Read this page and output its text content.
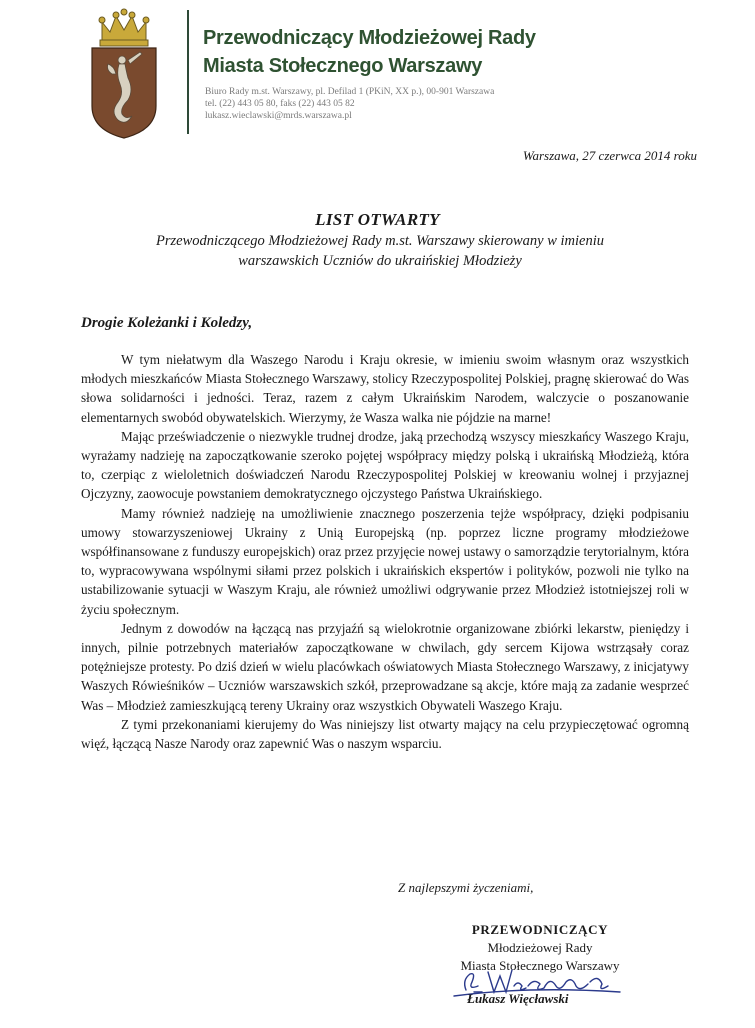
Przewodniczący Młodzieżowej Rady
Miasta Stołecznego Warszawy
Biuro Rady m.st. Warszawy, pl. Defilad 1 (PKiN, XX p.), 00-901 Warszawa
tel. (22) 443 05 80, faks (22) 443 05 82
lukasz.wieclawski@mrds.warszawa.pl
Warszawa, 27 czerwca 2014 roku
LIST OTWARTY
Przewodniczącego Młodzieżowej Rady m.st. Warszawy skierowany w imieniu
warszawskich Uczniów do ukraińskiej Młodzieży
Drogie Koleżanki i Koledzy,

W tym niełatwym dla Waszego Narodu i Kraju okresie, w imieniu swoim własnym oraz wszystkich młodych mieszkańców Miasta Stołecznego Warszawy, stolicy Rzeczypospolitej Polskiej, pragnę skierować do Was słowa solidarności i jedności. Teraz, razem z całym Ukraińskim Narodem, walczycie o poszanowanie elementarnych swobód obywatelskich. Wierzymy, że Wasza walka nie pójdzie na marne!

Mając przeświadczenie o niezwykle trudnej drodze, jaką przechodzą wszyscy mieszkańcy Waszego Kraju, wyrażamy nadzieję na zapoczątkowanie szeroko pojętej współpracy między polską i ukraińską Młodzieżą, która to, czerpiąc z wieloletnich doświadczeń Narodu Rzeczypospolitej Polskiej w kreowaniu wolnej i przyjaznej Ojczyzny, zaowocuje powstaniem demokratycznego ojczystego Państwa Ukraińskiego.

Mamy również nadzieję na umożliwienie znacznego poszerzenia tejże współpracy, dzięki podpisaniu umowy stowarzyszeniowej Ukrainy z Unią Europejską (np. poprzez liczne programy młodzieżowe współfinansowane z funduszy europejskich) oraz przez przyjęcie nowej ustawy o samorządzie terytorialnym, która to, wypracowywana wspólnymi siłami przez polskich i ukraińskich ekspertów i polityków, pozwoli nie tylko na ustabilizowanie sytuacji w Waszym Kraju, ale również umożliwi odgrywanie przez Młodzież istotniejszej roli w życiu społecznym.

Jednym z dowodów na łączącą nas przyjaźń są wielokrotnie organizowane zbiórki lekarstw, pieniędzy i innych, pilnie potrzebnych materiałów zapoczątkowane w chwilach, gdy sercem Kijowa wstrząsały coraz potężniejsze protesty. Po dziś dzień w wielu placówkach oświatowych Miasta Stołecznego Warszawy, z inicjatywy Waszych Rówieśników – Uczniów warszawskich szkół, przeprowadzane są akcje, które mają za zadanie wesprzeć Was – Młodzież zamieszkującą tereny Ukrainy oraz wszystkich Obywateli Waszego Kraju.

Z tymi przekonaniami kierujemy do Was niniejszy list otwarty mający na celu przypieczętować ogromną więź, łączącą Nasze Narody oraz zapewnić Was o naszym wsparciu.

Z najlepszymi życzeniami,
PRZEWODNICZĄCY
Młodzieżowej Rady
Miasta Stołecznego Warszawy
Łukasz Więcławski
